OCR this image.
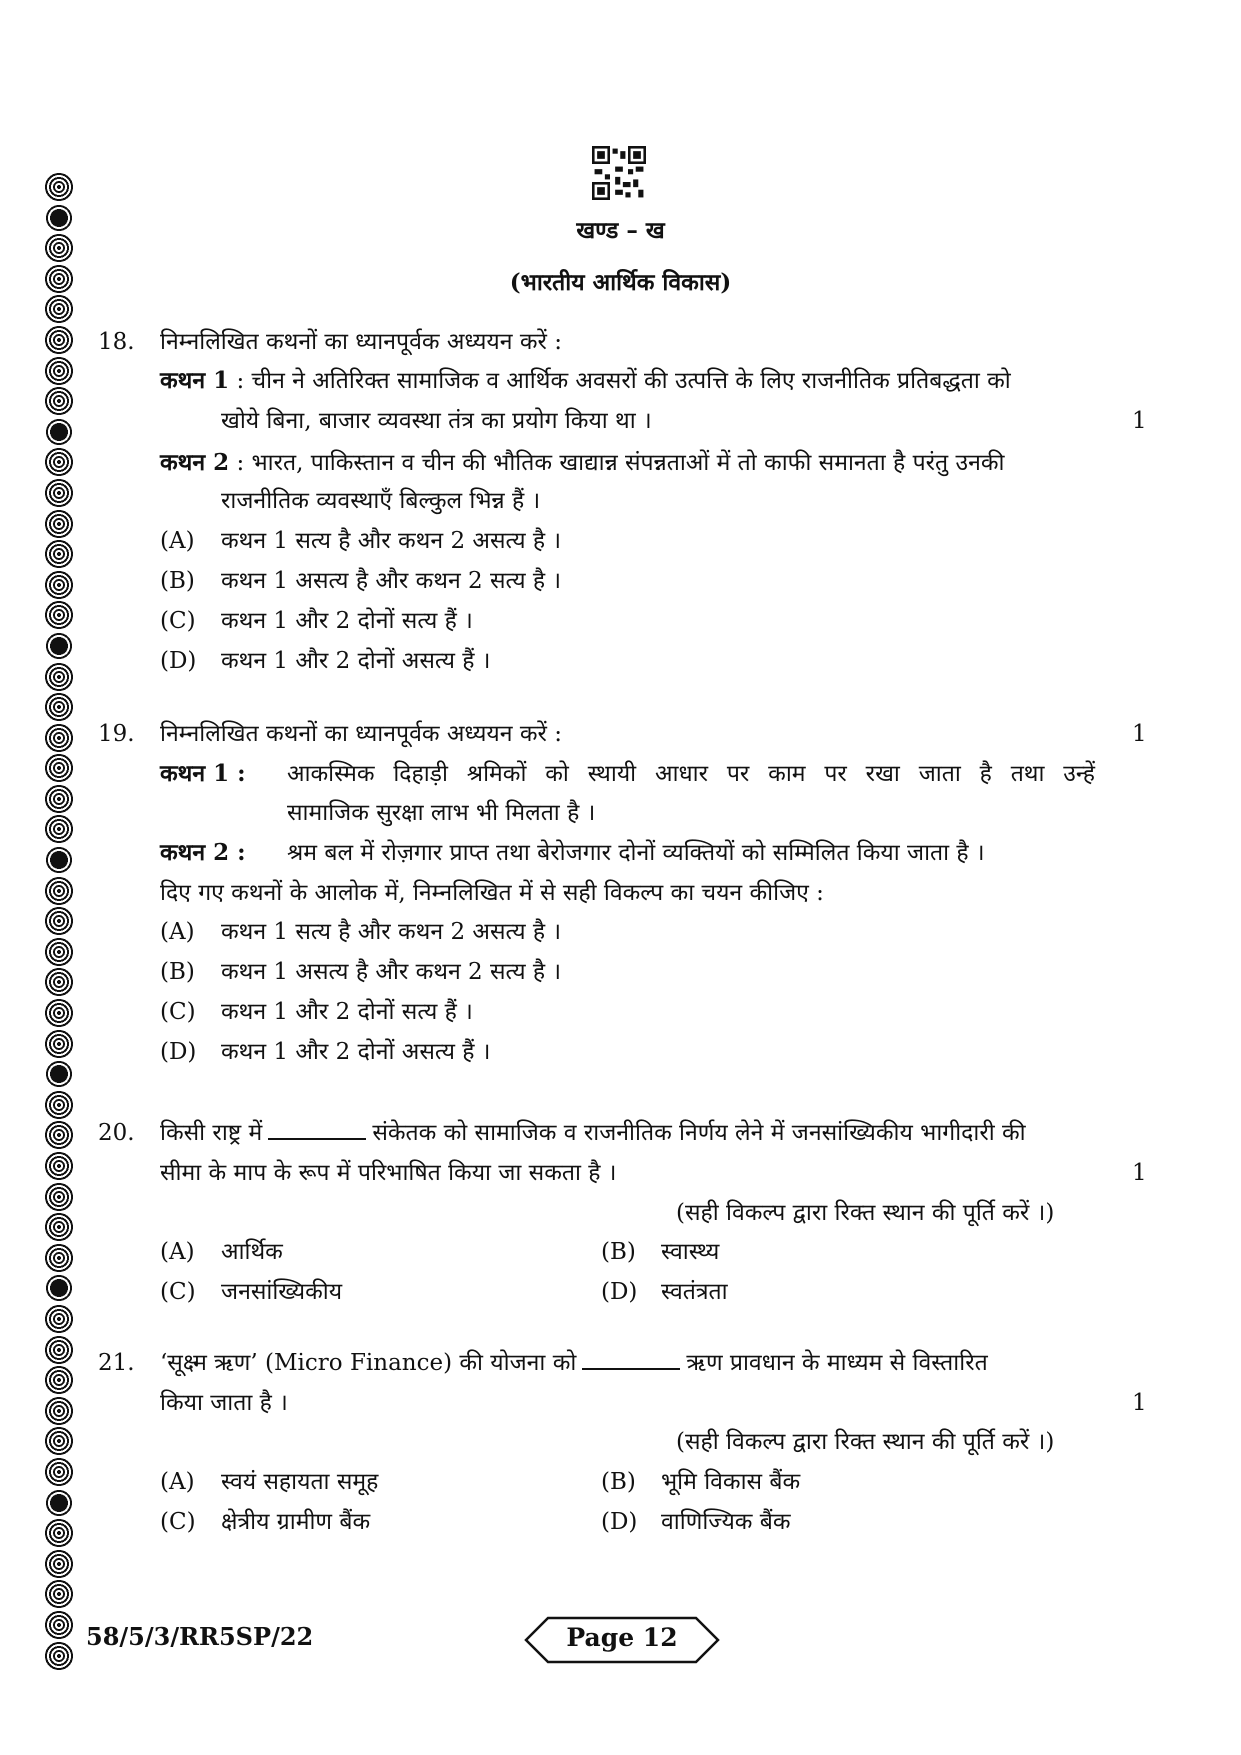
खण्ड – ख
(भारतीय आर्थिक विकास)
18. निम्नलिखित कथनों का ध्यानपूर्वक अध्ययन करें :
कथन 1 : चीन ने अतिरिक्त सामाजिक व आर्थिक अवसरों की उत्पत्ति के लिए राजनीतिक प्रतिबद्धता को
खोये बिना, बाजार व्यवस्था तंत्र का प्रयोग किया था ।	1
कथन 2 : भारत, पाकिस्तान व चीन की भौतिक खाद्यान्न संपन्नताओं में तो काफी समानता है परंतु उनकी
राजनीतिक व्यवस्थाएँ बिल्कुल भिन्न हैं ।
(A) कथन 1 सत्य है और कथन 2 असत्य है ।
(B) कथन 1 असत्य है और कथन 2 सत्य है ।
(C) कथन 1 और 2 दोनों सत्य हैं ।
(D) कथन 1 और 2 दोनों असत्य हैं ।
19. निम्नलिखित कथनों का ध्यानपूर्वक अध्ययन करें :	1
कथन 1 : आकस्मिक दिहाड़ी श्रमिकों को स्थायी आधार पर काम पर रखा जाता है तथा उन्हें
सामाजिक सुरक्षा लाभ भी मिलता है ।
कथन 2 : श्रम बल में रोज़गार प्राप्त तथा बेरोजगार दोनों व्यक्तियों को सम्मिलित किया जाता है ।
दिए गए कथनों के आलोक में, निम्नलिखित में से सही विकल्प का चयन कीजिए :
(A) कथन 1 सत्य है और कथन 2 असत्य है ।
(B) कथन 1 असत्य है और कथन 2 सत्य है ।
(C) कथन 1 और 2 दोनों सत्य हैं ।
(D) कथन 1 और 2 दोनों असत्य हैं ।
20. किसी राष्ट्र में	संकेतक को सामाजिक व राजनीतिक निर्णय लेने में जनसांख्यिकीय भागीदारी की
सीमा के माप के रूप में परिभाषित किया जा सकता है ।	1
(सही विकल्प द्वारा रिक्त स्थान की पूर्ति करें ।)
(A) आर्थिक	(B) स्वास्थ्य
(C) जनसांख्यिकीय	(D) स्वतंत्रता
21. ‘सूक्ष्म ऋण’ (Micro Finance) की योजना को	ऋण प्रावधान के माध्यम से विस्तारित
किया जाता है ।	1
(सही विकल्प द्वारा रिक्त स्थान की पूर्ति करें ।)
(A) स्वयं सहायता समूह	(B) भूमि विकास बैंक
(C) क्षेत्रीय ग्रामीण बैंक	(D) वाणिज्यिक बैंक
58/5/3/RR5SP/22	Page 12
